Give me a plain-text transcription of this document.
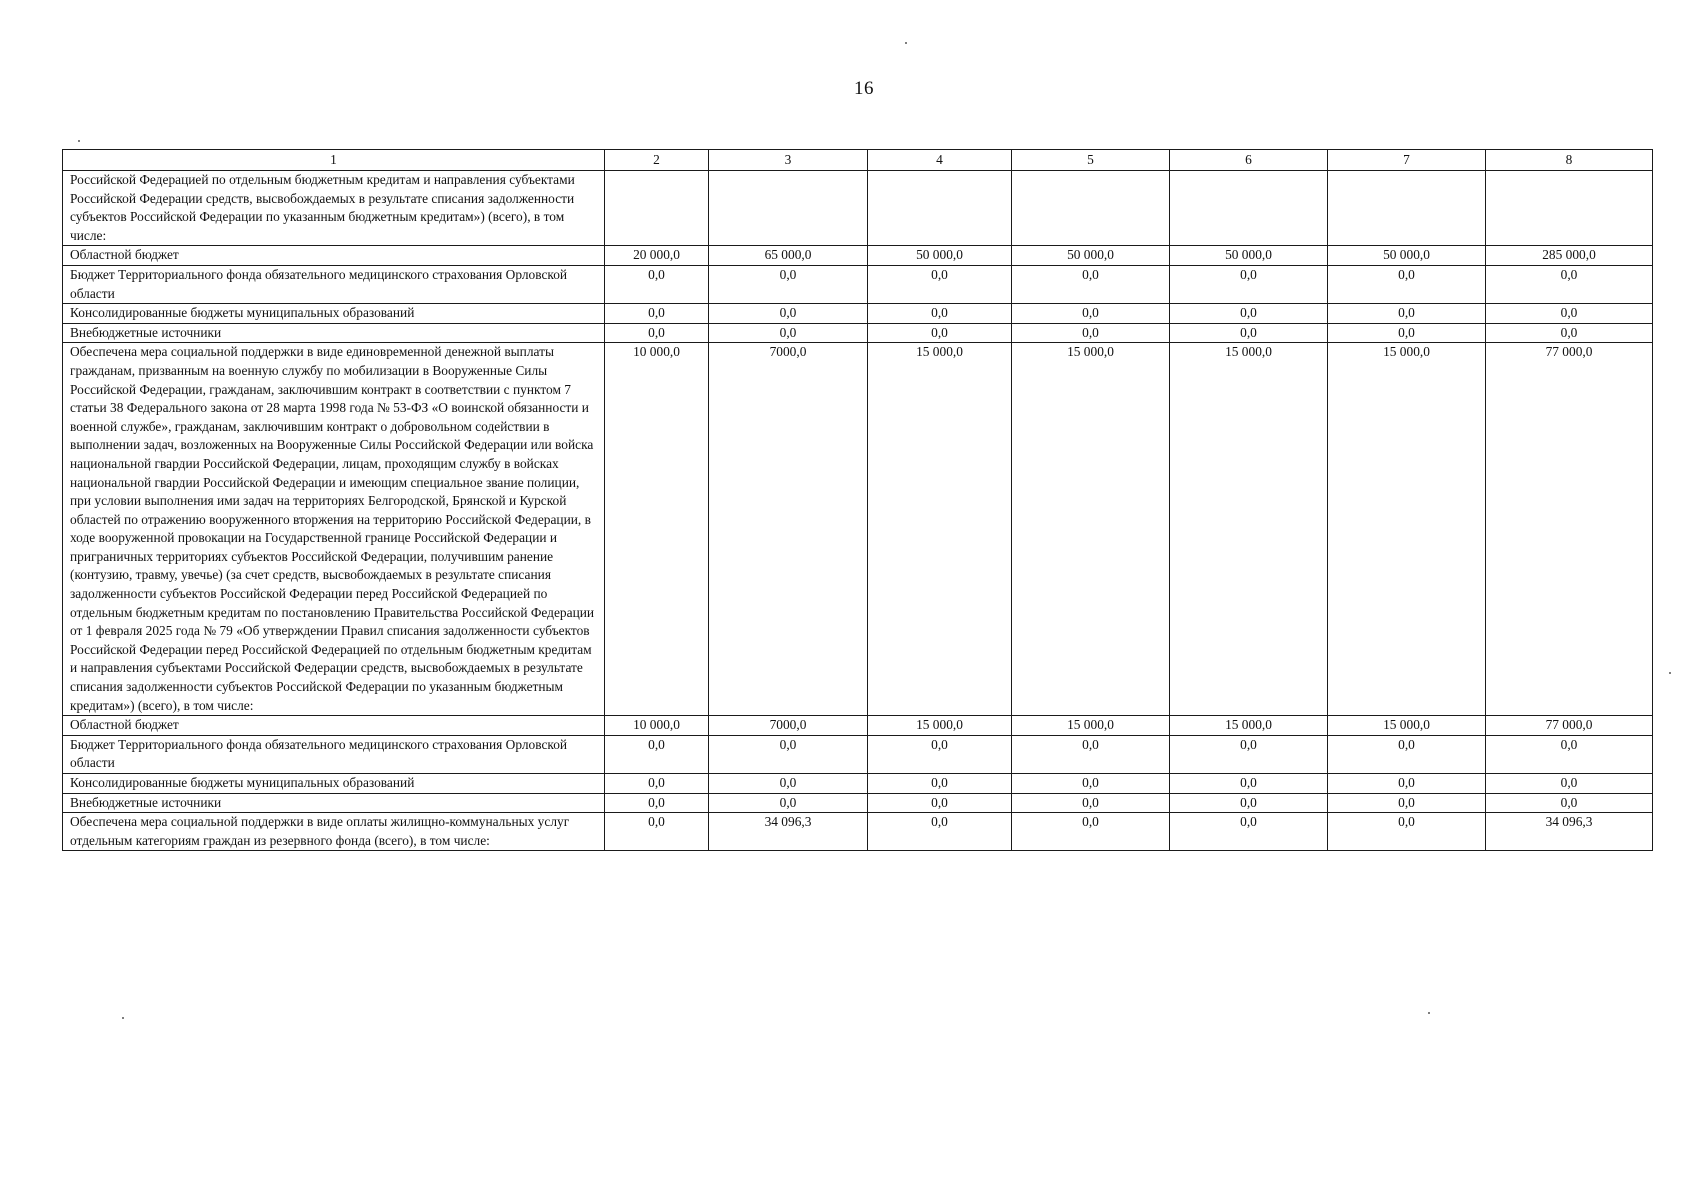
16
1	2	3	4	5	6	7	8
Российской Федерацией по отдельным бюджетным кредитам и направления субъектами Российской Федерации средств, высвобождаемых в результате списания задолженности субъектов Российской Федерации по указанным бюджетным кредитам») (всего), в том числе:							
Областной бюджет	20 000,0	65 000,0	50 000,0	50 000,0	50 000,0	50 000,0	285 000,0
Бюджет Территориального фонда обязательного медицинского страхования Орловской области	0,0	0,0	0,0	0,0	0,0	0,0	0,0
Консолидированные бюджеты муниципальных образований	0,0	0,0	0,0	0,0	0,0	0,0	0,0
Внебюджетные источники	0,0	0,0	0,0	0,0	0,0	0,0	0,0
Обеспечена мера социальной поддержки в виде единовременной денежной выплаты гражданам, призванным на военную службу по мобилизации в Вооруженные Силы Российской Федерации, гражданам, заключившим контракт в соответствии с пунктом 7 статьи 38 Федерального закона от 28 марта 1998 года № 53-ФЗ «О воинской обязанности и военной службе», гражданам, заключившим контракт о добровольном содействии в выполнении задач, возложенных на Вооруженные Силы Российской Федерации или войска национальной гвардии Российской Федерации, лицам, проходящим службу в войсках национальной гвардии Российской Федерации и имеющим специальное звание полиции, при условии выполнения ими задач на территориях Белгородской, Брянской и Курской областей по отражению вооруженного вторжения на территорию Российской Федерации, в ходе вооруженной провокации на Государственной границе Российской Федерации и приграничных территориях субъектов Российской Федерации, получившим ранение (контузию, травму, увечье) (за счет средств, высвобождаемых в результате списания задолженности субъектов Российской Федерации перед Российской Федерацией по отдельным бюджетным кредитам по постановлению Правительства Российской Федерации от 1 февраля 2025 года № 79 «Об утверждении Правил списания задолженности субъектов Российской Федерации перед Российской Федерацией по отдельным бюджетным кредитам и направления субъектами Российской Федерации средств, высвобождаемых в результате списания задолженности субъектов Российской Федерации по указанным бюджетным кредитам») (всего), в том числе:	10 000,0	7000,0	15 000,0	15 000,0	15 000,0	15 000,0	77 000,0
Областной бюджет	10 000,0	7000,0	15 000,0	15 000,0	15 000,0	15 000,0	77 000,0
Бюджет Территориального фонда обязательного медицинского страхования Орловской области	0,0	0,0	0,0	0,0	0,0	0,0	0,0
Консолидированные бюджеты муниципальных образований	0,0	0,0	0,0	0,0	0,0	0,0	0,0
Внебюджетные источники	0,0	0,0	0,0	0,0	0,0	0,0	0,0
Обеспечена мера социальной поддержки в виде оплаты жилищно-коммунальных услуг отдельным категориям граждан из резервного фонда (всего), в том числе:	0,0	34 096,3	0,0	0,0	0,0	0,0	34 096,3
